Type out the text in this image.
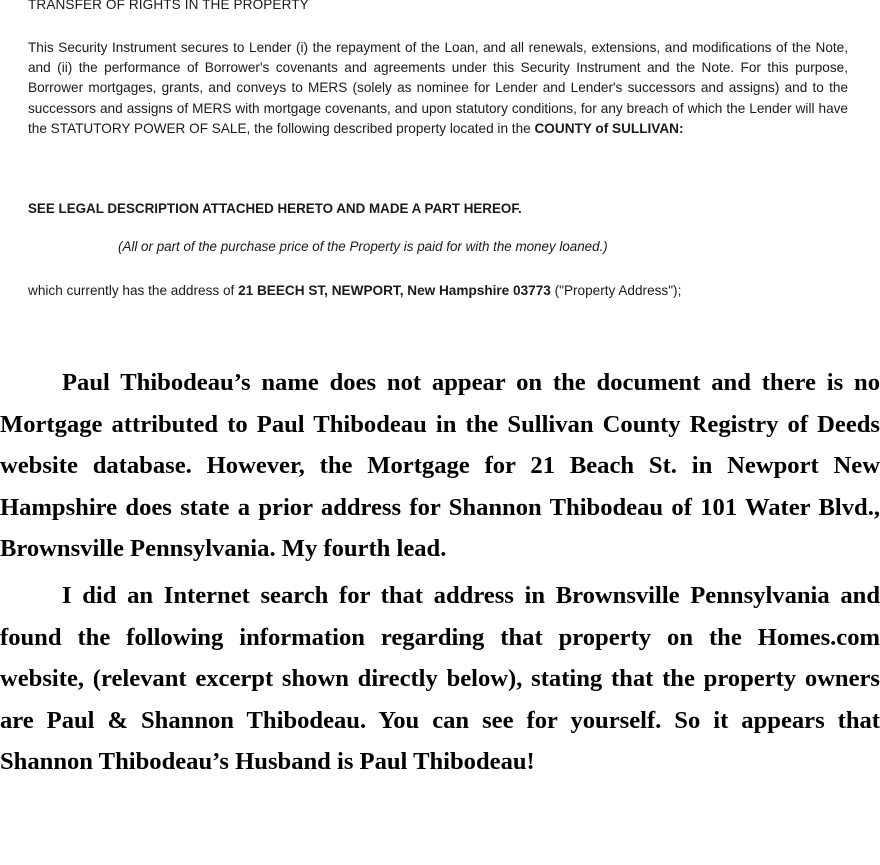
TRANSFER OF RIGHTS IN THE PROPERTY
This Security Instrument secures to Lender (i) the repayment of the Loan, and all renewals, extensions, and modifications of the Note, and (ii) the performance of Borrower's covenants and agreements under this Security Instrument and the Note. For this purpose, Borrower mortgages, grants, and conveys to MERS (solely as nominee for Lender and Lender's successors and assigns) and to the successors and assigns of MERS with mortgage covenants, and upon statutory conditions, for any breach of which the Lender will have the STATUTORY POWER OF SALE, the following described property located in the COUNTY of SULLIVAN:
SEE LEGAL DESCRIPTION ATTACHED HERETO AND MADE A PART HEREOF.
(All or part of the purchase price of the Property is paid for with the money loaned.)
which currently has the address of 21 BEECH ST, NEWPORT, New Hampshire 03773 ("Property Address");

Paul Thibodeau’s name does not appear on the document and there is no Mortgage attributed to Paul Thibodeau in the Sullivan County Registry of Deeds website database. However, the Mortgage for 21 Beach St. in Newport New Hampshire does state a prior address for Shannon Thibodeau of 101 Water Blvd., Brownsville Pennsylvania. My fourth lead.

I did an Internet search for that address in Brownsville Pennsylvania and found the following information regarding that property on the Homes.com website, (relevant excerpt shown directly below), stating that the property owners are Paul & Shannon Thibodeau. You can see for yourself. So it appears that Shannon Thibodeau’s Husband is Paul Thibodeau!
